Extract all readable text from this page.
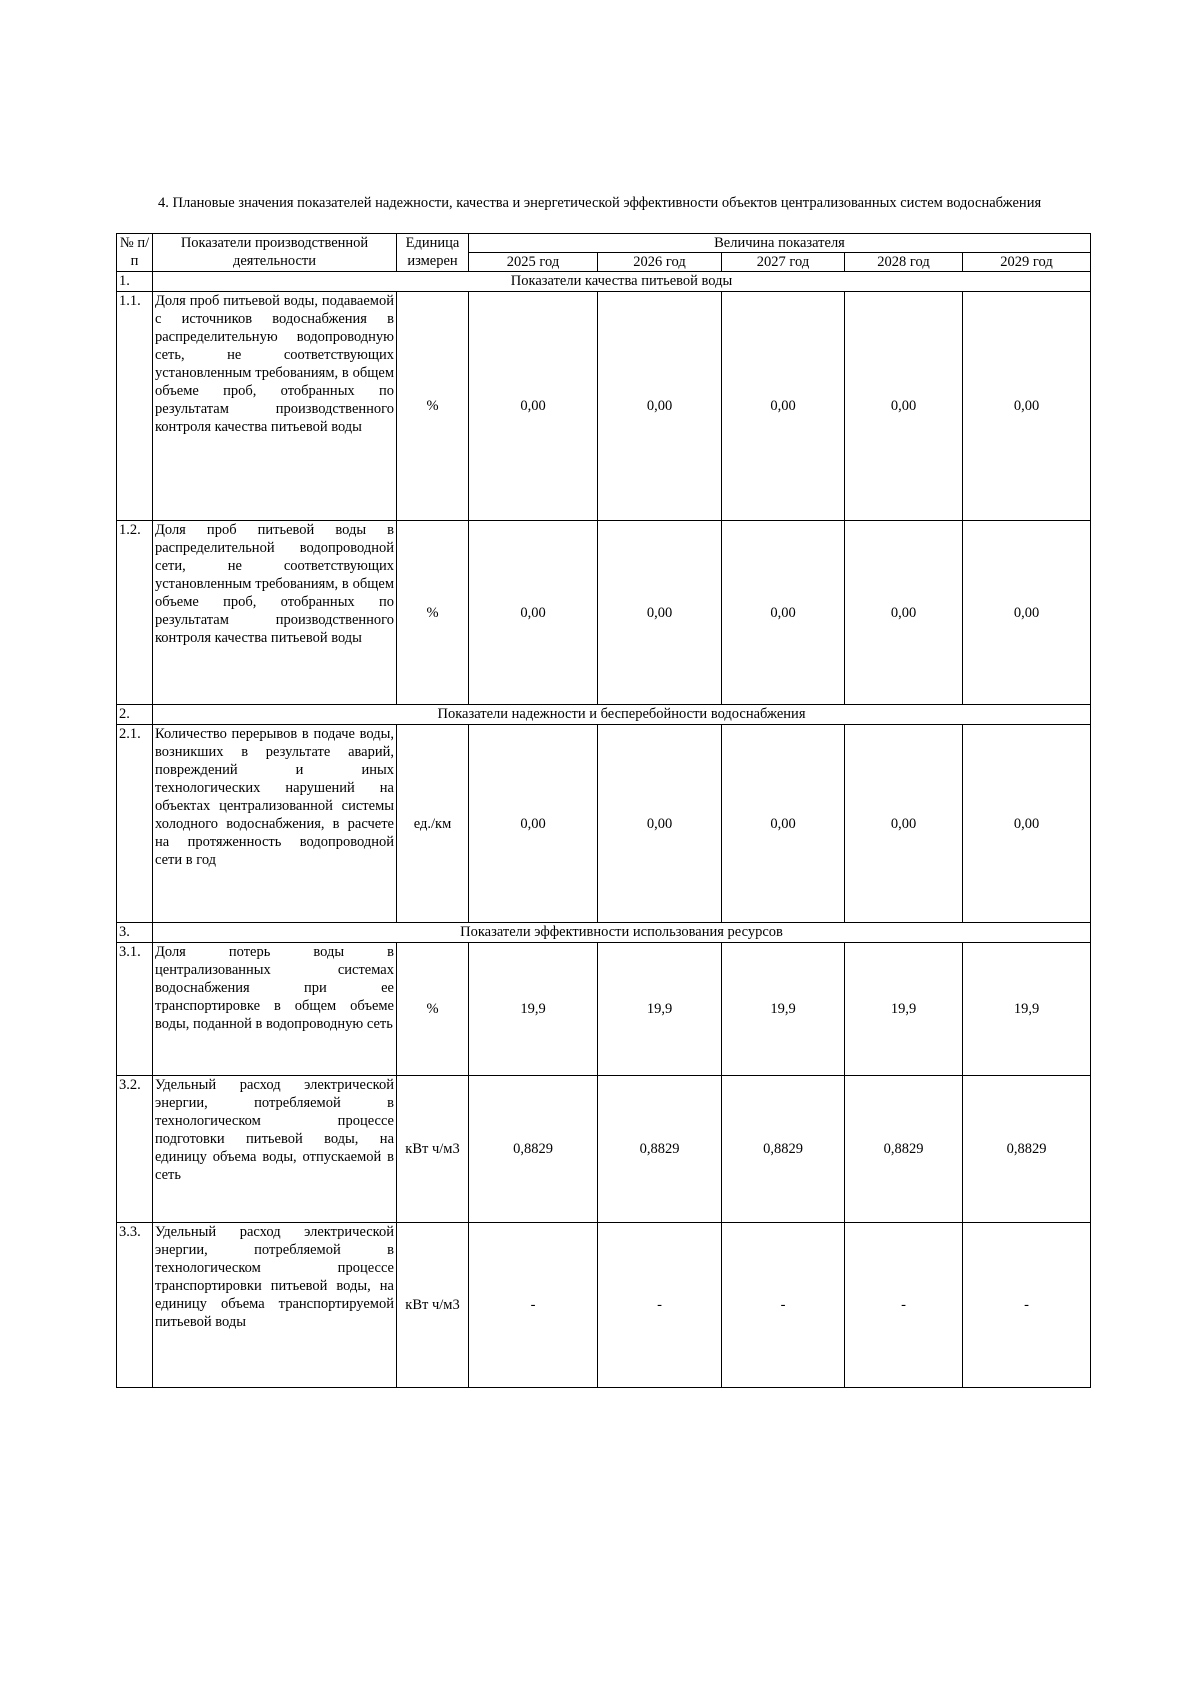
4. Плановые значения показателей надежности, качества и энергетической эффективности объектов централизованных систем водоснабжения
№ п/п	Показатели производственной деятельности	Единица измерен	Величина показателя				
			2025 год	2026 год	2027 год	2028 год	2029 год
1.	Показатели качества питьевой воды						
1.1.	Доля проб питьевой воды, подаваемой с источников водоснабжения в распределительную водопроводную сеть, не соответствующих установленным требованиям, в общем объеме проб, отобранных по результатам производственного контроля качества питьевой воды	%	0,00	0,00	0,00	0,00	0,00
1.2.	Доля проб питьевой воды в распределительной водопроводной сети, не соответствующих установленным требованиям, в общем объеме проб, отобранных по результатам производственного контроля качества питьевой воды	%	0,00	0,00	0,00	0,00	0,00
2.	Показатели надежности и бесперебойности водоснабжения						
2.1.	Количество перерывов в подаче воды, возникших в результате аварий, повреждений и иных технологических нарушений на объектах централизованной системы холодного водоснабжения, в расчете на протяженность водопроводной сети в год	ед./км	0,00	0,00	0,00	0,00	0,00
3.	Показатели эффективности использования ресурсов						
3.1.	Доля потерь воды в централизованных системах водоснабжения при ее транспортировке в общем объеме воды, поданной в водопроводную сеть	%	19,9	19,9	19,9	19,9	19,9
3.2.	Удельный расход электрической энергии, потребляемой в технологическом процессе подготовки питьевой воды, на единицу объема воды, отпускаемой в сеть	кВт ч/м3	0,8829	0,8829	0,8829	0,8829	0,8829
3.3.	Удельный расход электрической энергии, потребляемой в технологическом процессе транспортировки питьевой воды, на единицу объема транспортируемой питьевой воды	кВт ч/м3	-	-	-	-	-
